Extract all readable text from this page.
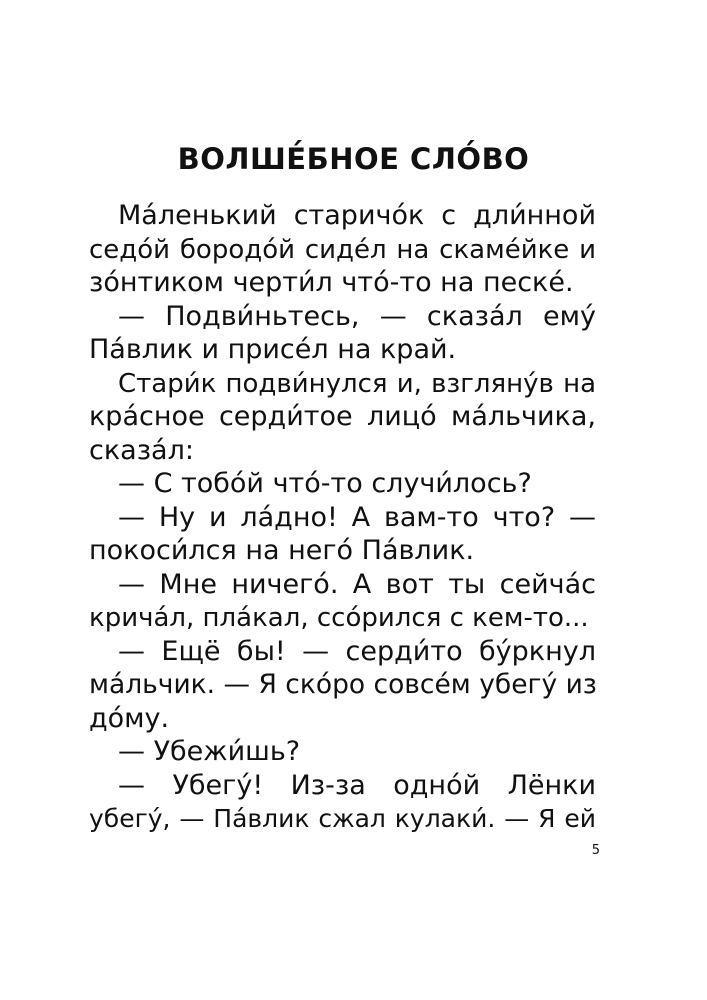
ВОЛШЕ́БНОЕ СЛО́ВО
Ма́ленький старичо́к с дли́нной
седо́й бородо́й сиде́л на скаме́йке и
зо́нтиком черти́л что́-то на песке́.
— Подви́ньтесь, — сказа́л ему́
Па́влик и присе́л на край.
Стари́к подви́нулся и, взгляну́в на
кра́сное серди́тое лицо́ ма́льчика,
сказа́л:
— С тобо́й что́-то случи́лось?
— Ну и ла́дно! А вам-то что? —
покоси́лся на него́ Па́влик.
— Мне ничего́. А вот ты сейча́с
крича́л, пла́кал, ссо́рился с кем-то...
— Ещё бы! — серди́то бу́ркнул
ма́льчик. — Я ско́ро совсе́м убегу́ из
до́му.
— Убежи́шь?
— Убегу́! Из-за одно́й Лёнки
убегу́, — Па́влик сжал кулаки́. — Я ей
5
